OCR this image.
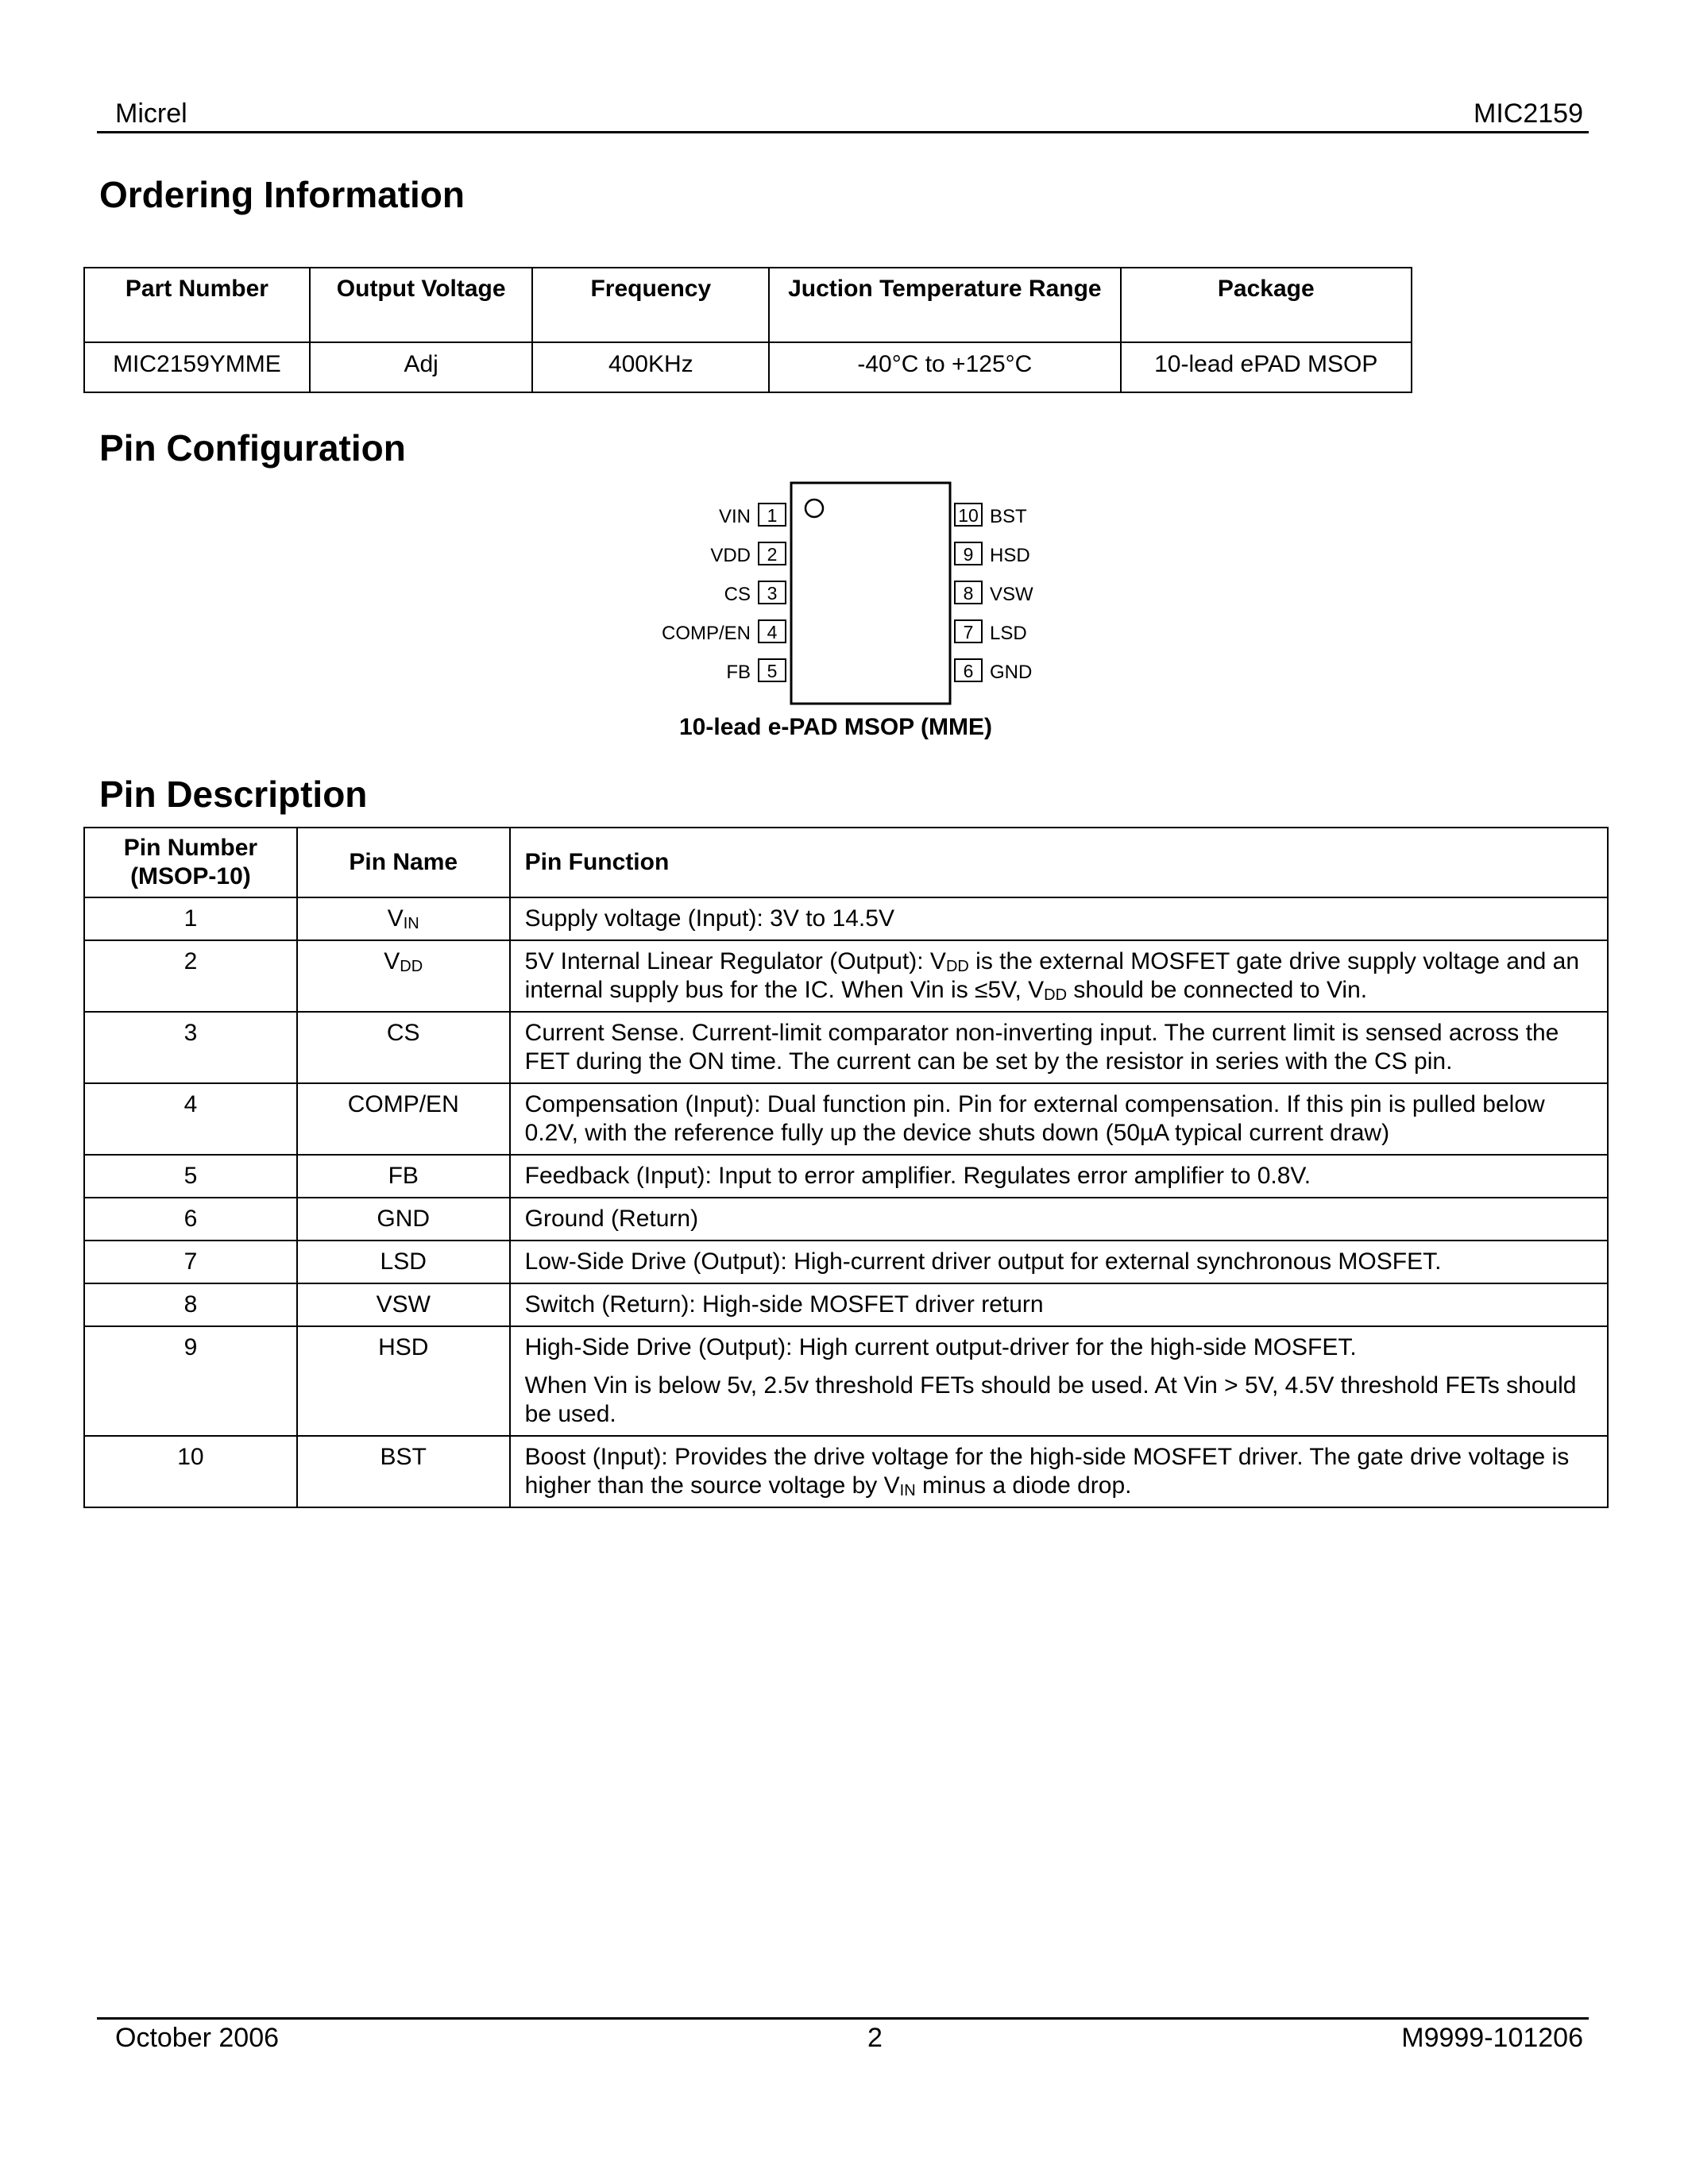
Micrel	MIC2159
Ordering Information
Part Number	Output Voltage	Frequency	Juction Temperature Range	Package
MIC2159YMME	Adj	400KHz	-40°C to +125°C	10-lead ePAD MSOP
Pin Configuration
VIN 1
VDD 2
CS 3
COMP/EN 4
FB 5
10 BST
9 HSD
8 VSW
7 LSD
6 GND
10-lead e-PAD MSOP (MME)
Pin Description
Pin Number (MSOP-10)	Pin Name	Pin Function
1	$V_{IN}$	Supply voltage (Input): 3V to 14.5V
2	$V_{DD}$	5V Internal Linear Regulator (Output): $V_{DD}$ is the external MOSFET gate drive supply voltage and an internal supply bus for the IC. When Vin is ≤5V, $V_{DD}$ should be connected to Vin.
3	CS	Current Sense. Current-limit comparator non-inverting input. The current limit is sensed across the FET during the ON time. The current can be set by the resistor in series with the CS pin.
4	COMP/EN	Compensation (Input): Dual function pin. Pin for external compensation. If this pin is pulled below 0.2V, with the reference fully up the device shuts down (50µA typical current draw)
5	FB	Feedback (Input): Input to error amplifier. Regulates error amplifier to 0.8V.
6	GND	Ground (Return)
7	LSD	Low-Side Drive (Output): High-current driver output for external synchronous MOSFET.
8	VSW	Switch (Return): High-side MOSFET driver return
9	HSD	High-Side Drive (Output): High current output-driver for the high-side MOSFET.
When Vin is below 5v, 2.5v threshold FETs should be used. At Vin > 5V, 4.5V threshold FETs should be used.

10	BST	Boost (Input): Provides the drive voltage for the high-side MOSFET driver. The gate drive voltage is higher than the source voltage by $V_{IN}$ minus a diode drop.
October 2006	2	M9999-101206
